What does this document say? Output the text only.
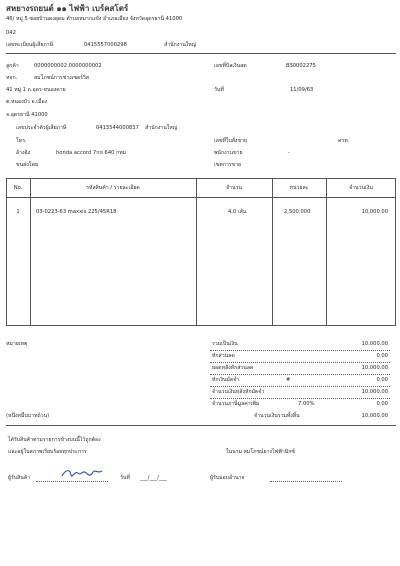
สหยางรถยนต์ ๑๑ ไฟฟ้า เบร์คสโตร์
46/ หมู่ 5 ซอยบ้านดงอุดม ตำบลหมากแข้ง อำเภอเมือง จังหวัดอุดรธานี 41000
042
เลขทะเบียนผู้เสียภาษี	0415557000298	สำนักงานใหญ่
ลูกค้า	0000000002 0000000002
หจก.	สมโภชน์การช่างเซอร์วิส
41 หมู่ 1 ถ.อุดร-หนองคาย
ต.หนองบัว อ.เมือง
จ.อุดรธานี 41000
เลขประจำตัวผู้เสียภาษี	0413544000837 สำนักงานใหญ่
โทร.
อ้างอิง	honda accord 7กข 640 กทม
ขนส่งโดย
เลขที่บิลเงินสด	BS0002275
วันที่	11/09/63
เลขที่ใบสั่งขาย	ครท.
พนักงานขาย	-
เขตการขาย
No.	รหัสสินค้า / รายละเอียด	จำนวน	หน่วยละ	จำนวนเงิน
1	03-0223-63 maxxis 225/45R18	4.0 เส้น	2,500.000	10,000.00
หมายเหตุ	รวมเป็นเงิน	10,000.00
หักส่วนลด	0.00
ยอดหลังหักส่วนลด	10,000.00
หักเงินมัดจำ	#	0.00
จำนวนเงินหลังหักมัดจำ	10,000.00
จำนวนภาษีมูลค่าเพิ่ม	7.00%	0.00
(หนึ่งหมื่นบาทถ้วน)	จำนวนเงินรวมทั้งสิ้น	10,000.00
ได้รับสินค้าตามรายการข้างบนนี้ไว้ถูกต้อง
และอยู่ในสภาพเรียบร้อยทุกประการ	ในนาม สมโภชน์ยางไฟฟ้ามิกซ์
ผู้รับสินค้า	วันที่ ___/___/___	ผู้รับมอบอำนาจ
